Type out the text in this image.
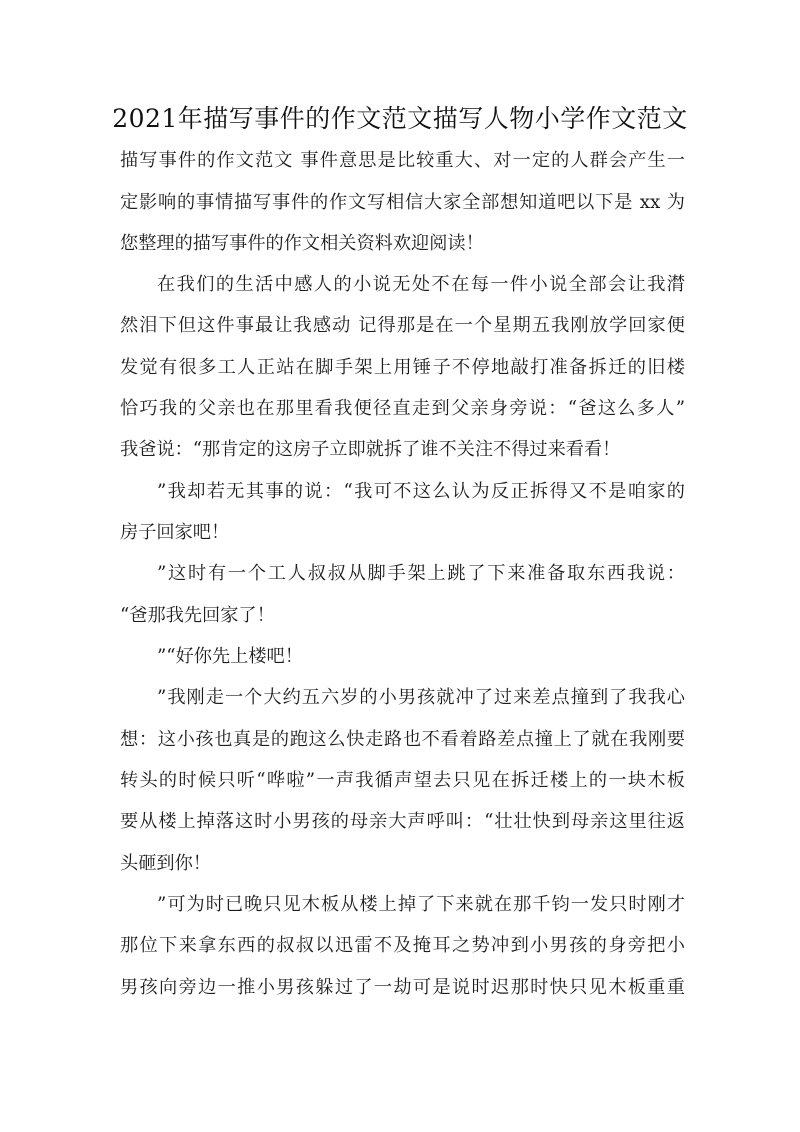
2021年描写事件的作文范文描写人物小学作文范文
描写事件的作文范文 事件意思是比较重大、对一定的人群会产生一
定影响的事情描写事件的作文写相信大家全部想知道吧以下是 xx 为
您整理的描写事件的作文相关资料欢迎阅读！
在我们的生活中感人的小说无处不在每一件小说全部会让我潸
然泪下但这件事最让我感动 记得那是在一个星期五我刚放学回家便
发觉有很多工人正站在脚手架上用锤子不停地敲打准备拆迁的旧楼
恰巧我的父亲也在那里看我便径直走到父亲身旁说：“爸这么多人”
我爸说：“那肯定的这房子立即就拆了谁不关注不得过来看看！
”我却若无其事的说：“我可不这么认为反正拆得又不是咱家的
房子回家吧！
”这时有一个工人叔叔从脚手架上跳了下来准备取东西我说：
“爸那我先回家了！
”“好你先上楼吧！
”我刚走一个大约五六岁的小男孩就冲了过来差点撞到了我我心
想：这小孩也真是的跑这么快走路也不看着路差点撞上了就在我刚要
转头的时候只听“哗啦”一声我循声望去只见在拆迁楼上的一块木板
要从楼上掉落这时小男孩的母亲大声呼叫：“壮壮快到母亲这里往返
头砸到你！
”可为时已晚只见木板从楼上掉了下来就在那千钧一发只时刚才
那位下来拿东西的叔叔以迅雷不及掩耳之势冲到小男孩的身旁把小
男孩向旁边一推小男孩躲过了一劫可是说时迟那时快只见木板重重
